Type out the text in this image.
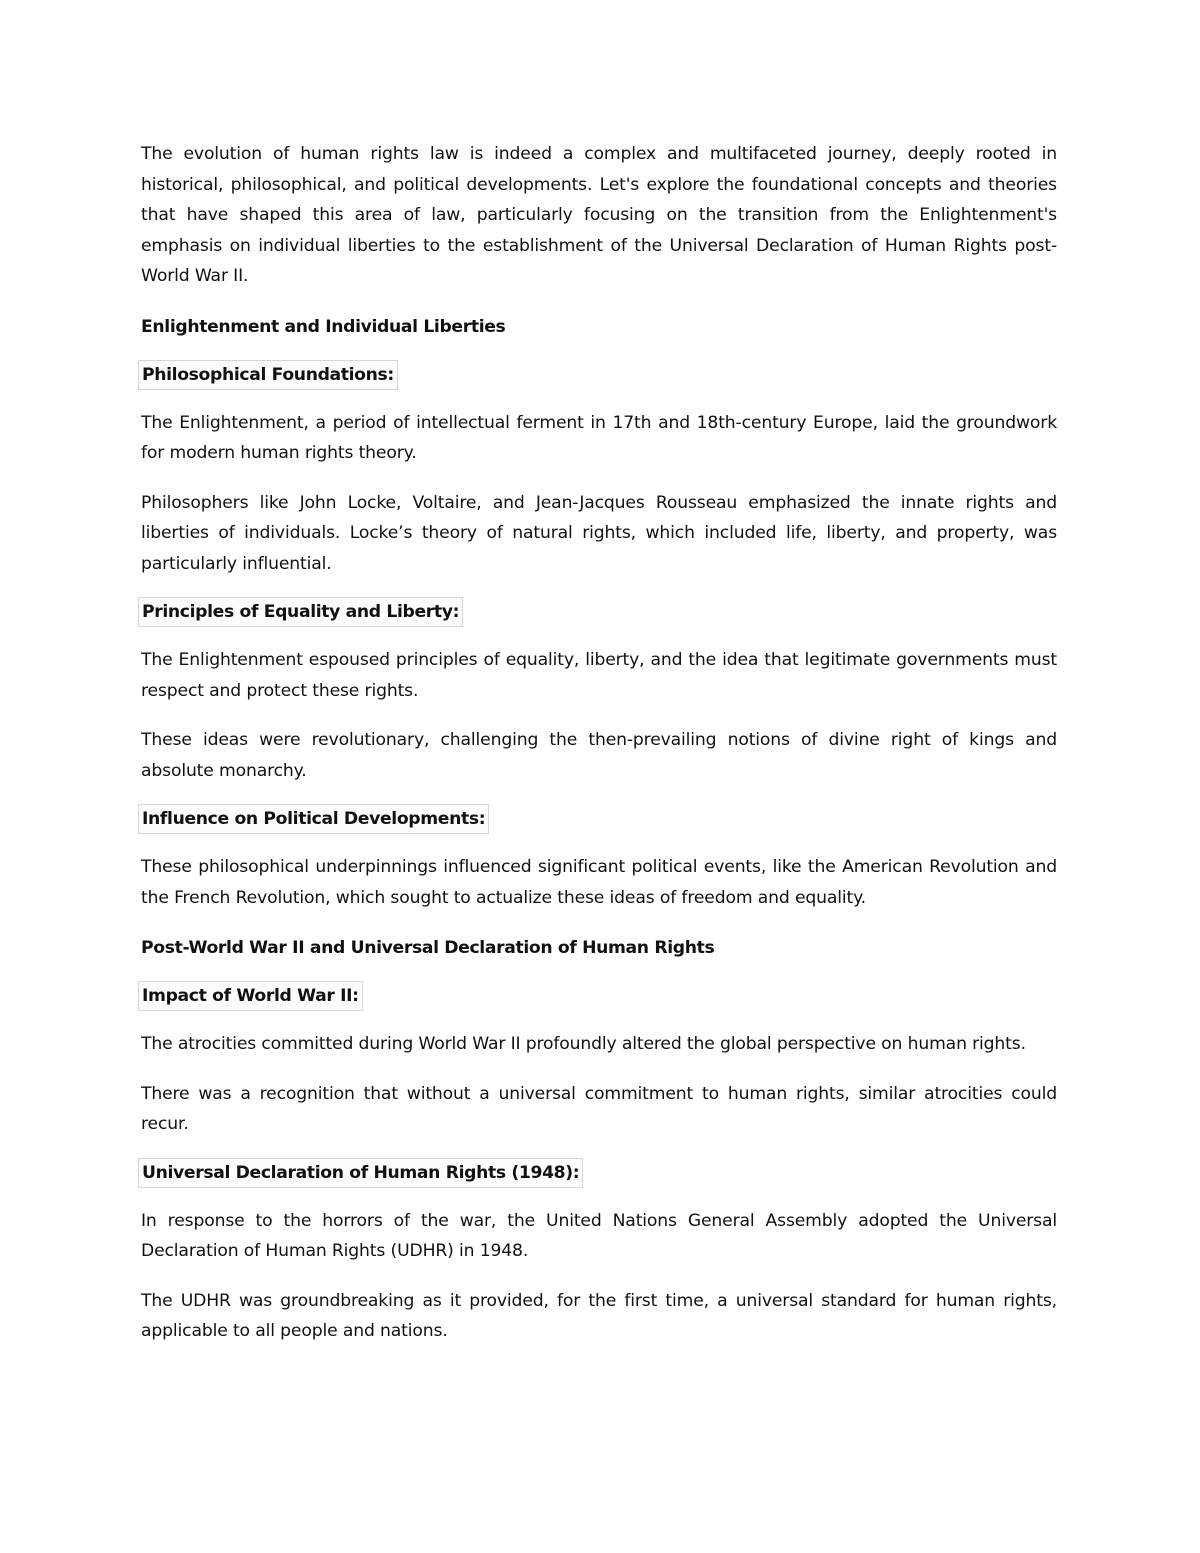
The evolution of human rights law is indeed a complex and multifaceted journey, deeply rooted in historical, philosophical, and political developments. Let's explore the foundational concepts and theories that have shaped this area of law, particularly focusing on the transition from the Enlightenment's emphasis on individual liberties to the establishment of the Universal Declaration of Human Rights post-World War II.

Enlightenment and Individual Liberties

Philosophical Foundations:

The Enlightenment, a period of intellectual ferment in 17th and 18th-century Europe, laid the groundwork for modern human rights theory.

Philosophers like John Locke, Voltaire, and Jean-Jacques Rousseau emphasized the innate rights and liberties of individuals. Locke’s theory of natural rights, which included life, liberty, and property, was particularly influential.

Principles of Equality and Liberty:

The Enlightenment espoused principles of equality, liberty, and the idea that legitimate governments must respect and protect these rights.

These ideas were revolutionary, challenging the then-prevailing notions of divine right of kings and absolute monarchy.

Influence on Political Developments:

These philosophical underpinnings influenced significant political events, like the American Revolution and the French Revolution, which sought to actualize these ideas of freedom and equality.

Post-World War II and Universal Declaration of Human Rights

Impact of World War II:

The atrocities committed during World War II profoundly altered the global perspective on human rights.

There was a recognition that without a universal commitment to human rights, similar atrocities could recur.

Universal Declaration of Human Rights (1948):

In response to the horrors of the war, the United Nations General Assembly adopted the Universal Declaration of Human Rights (UDHR) in 1948.

The UDHR was groundbreaking as it provided, for the first time, a universal standard for human rights, applicable to all people and nations.
